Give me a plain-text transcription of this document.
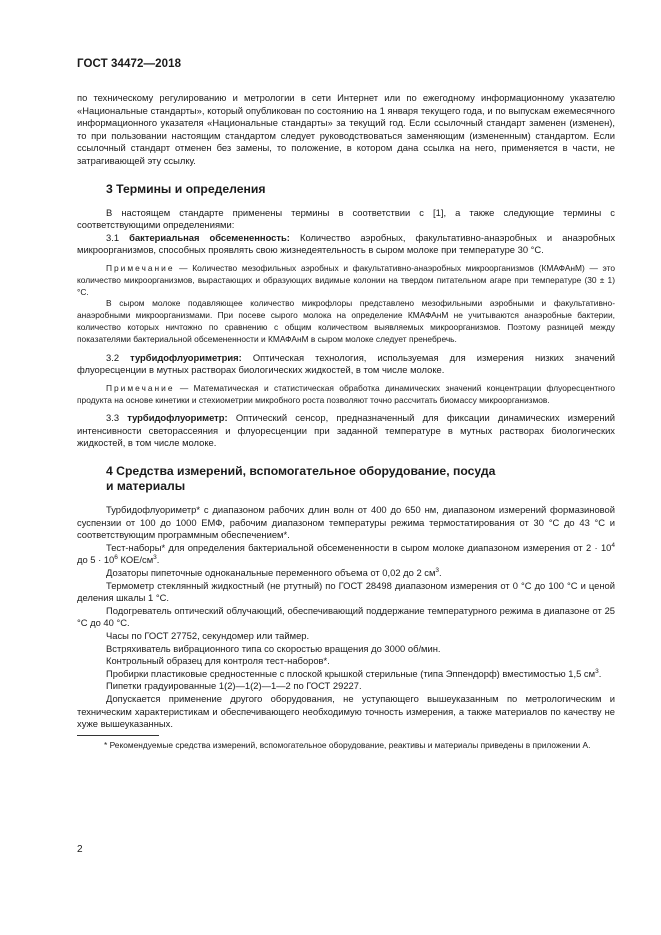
ГОСТ 34472—2018

по техническому регулированию и метрологии в сети Интернет или по ежегодному информационному указателю «Национальные стандарты», который опубликован по состоянию на 1 января текущего года, и по выпускам ежемесячного информационного указателя «Национальные стандарты» за текущий год. Если ссылочный стандарт заменен (изменен), то при пользовании настоящим стандартом следует руководствоваться заменяющим (измененным) стандартом. Если ссылочный стандарт отменен без замены, то положение, в котором дана ссылка на него, применяется в части, не затрагивающей эту ссылку.

3 Термины и определения

В настоящем стандарте применены термины в соответствии с [1], а также следующие термины с соответствующими определениями:

3.1 бактериальная обсемененность: Количество аэробных, факультативно-анаэробных и анаэробных микроорганизмов, способных проявлять свою жизнедеятельность в сыром молоке при температуре 30 °С.

Примечание — Количество мезофильных аэробных и факультативно-анаэробных микроорганизмов (КМАФАнМ) — это количество микроорганизмов, вырастающих и образующих видимые колонии на твердом питательном агаре при температуре (30 ± 1) °С.

В сыром молоке подавляющее количество микрофлоры представлено мезофильными аэробными и факультативно-анаэробными микроорганизмами. При посеве сырого молока на определение КМАФАнМ не учитываются анаэробные бактерии, количество которых ничтожно по сравнению с общим количеством выявляемых микроорганизмов. Поэтому разницей между показателями бактериальной обсемененности и КМАФАнМ в сыром молоке следует пренебречь.

3.2 турбидофлуориметрия: Оптическая технология, используемая для измерения низких значений флуоресценции в мутных растворах биологических жидкостей, в том числе молоке.

Примечание — Математическая и статистическая обработка динамических значений концентрации флуоресцентного продукта на основе кинетики и стехиометрии микробного роста позволяют точно рассчитать биомассу микроорганизмов.

3.3 турбидофлуориметр: Оптический сенсор, предназначенный для фиксации динамических измерений интенсивности светорассеяния и флуоресценции при заданной температуре в мутных растворах биологических жидкостей, в том числе молоке.

4 Средства измерений, вспомогательное оборудование, посуда
и материалы

Турбидофлуориметр* с диапазоном рабочих длин волн от 400 до 650 нм, диапазоном измерений формазиновой суспензии от 100 до 1000 ЕМФ, рабочим диапазоном температуры режима термостатирования от 30 °С до 43 °С и соответствующим программным обеспечением*.

Тест-наборы* для определения бактериальной обсемененности в сыром молоке диапазоном измерения от $2 \cdot 10^4$ до $5 \cdot 10^6$ КОЕ/$см^3$.

Дозаторы пипеточные одноканальные переменного объема от 0,02 до 2 $см^3$.

Термометр стеклянный жидкостный (не ртутный) по ГОСТ 28498 диапазоном измерения от 0 °С до 100 °С и ценой деления шкалы 1 °С.

Подогреватель оптический облучающий, обеспечивающий поддержание температурного режима в диапазоне от 25 °С до 40 °С.

Часы по ГОСТ 27752, секундомер или таймер.

Встряхиватель вибрационного типа со скоростью вращения до 3000 об/мин.

Контрольный образец для контроля тест-наборов*.

Пробирки пластиковые средностенные с плоской крышкой стерильные (типа Эппендорф) вместимостью 1,5 $см^3$.

Пипетки градуированные 1(2)—1(2)—1—2 по ГОСТ 29227.

Допускается применение другого оборудования, не уступающего вышеуказанным по метрологическим и техническим характеристикам и обеспечивающего необходимую точность измерения, а также материалов по качеству не хуже вышеуказанных.

* Рекомендуемые средства измерений, вспомогательное оборудование, реактивы и материалы приведены в приложении А.

2
